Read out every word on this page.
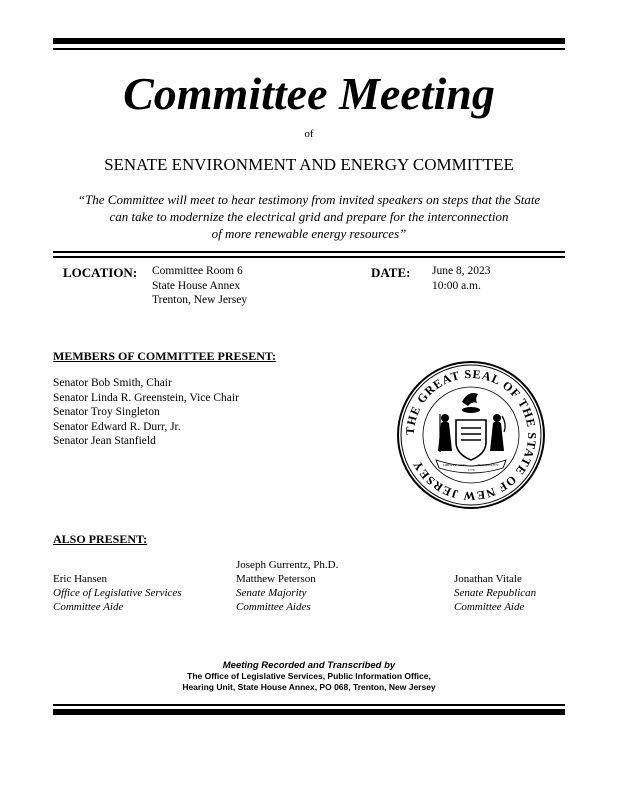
Committee Meeting
of
SENATE ENVIRONMENT AND ENERGY COMMITTEE
“The Committee will meet to hear testimony from invited speakers on steps that the State
can take to modernize the electrical grid and prepare for the interconnection
of more renewable energy resources”
LOCATION: Committee Room 6
State House Annex
Trenton, New Jersey
DATE: June 8, 2023
10:00 a.m.
MEMBERS OF COMMITTEE PRESENT:
Senator Bob Smith, Chair
Senator Linda R. Greenstein, Vice Chair
Senator Troy Singleton
Senator Edward R. Durr, Jr.
Senator Jean Stanfield
THE GREAT SEAL OF THE STATE OF NEW JERSEY	LIBERTY AND	PROSPERITY
1776
ALSO PRESENT:
Eric Hansen
Office of Legislative Services
Committee Aide
Joseph Gurrentz, Ph.D.
Matthew Peterson
Senate Majority
Committee Aides
Jonathan Vitale
Senate Republican
Committee Aide
Meeting Recorded and Transcribed by
The Office of Legislative Services, Public Information Office,
Hearing Unit, State House Annex, PO 068, Trenton, New Jersey
